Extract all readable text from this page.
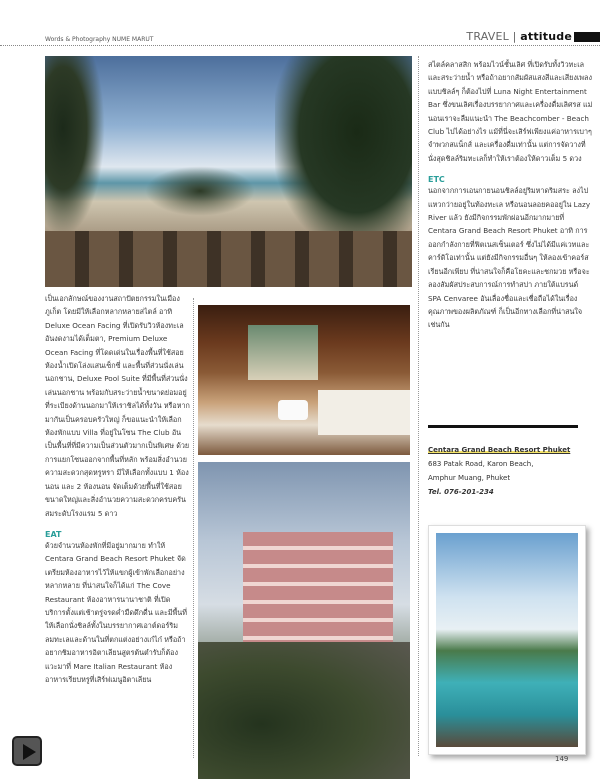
Words & Photography NUME MARUT	TRAVEL | attitude

เป็นเอกลักษณ์ของงานสถาปัตยกรรมในเมืองภูเก็ต โดยมีให้เลือกหลากหลายสไตล์ อาทิ Deluxe Ocean Facing ที่เปิดรับวิวห้องทะเลอันงดงามได้เต็มตา, Premium Deluxe Ocean Facing ที่โดดเด่นในเรื่องพื้นที่ใช้สอย ห้องน้ำเปิดโล่งแสนเซ็กซี่ และพื้นที่ส่วนนั่งเล่นนอกชาน, Deluxe Pool Suite ที่มีพื้นที่ส่วนนั่งเล่นนอกชาน พร้อมกับสระว่ายน้ำขนาดย่อมอยู่ที่ระเบียงด้านนอกมาให้เราชิลได้ทั้งวัน หรือหากมากันเป็นครอบครัวใหญ่ ก็ขอแนะนำให้เลือกห้องพักแบบ Villa ที่อยู่ในโซน The Club อันเป็นพื้นที่ที่มีความเป็นส่วนตัวมากเป็นพิเศษ ด้วยการแยกโซนออกจากพื้นที่หลัก พร้อมสิ่งอำนวยความสะดวกสุดหรูหรา มีให้เลือกทั้งแบบ 1 ห้องนอน และ 2 ห้องนอน จัดเต็มด้วยพื้นที่ใช้สอยขนาดใหญ่และสิ่งอำนวยความสะดวกครบครัน สมระดับโรงแรม 5 ดาว

EAT

ด้วยจำนวนห้องพักที่มีอยู่มากมาย ทำให้ Centara Grand Beach Resort Phuket จัดเตรียมห้องอาหารไว้ให้แขกผู้เข้าพักเลือกอย่างหลากหลาย ที่น่าสนใจก็ได้แก่ The Cove Restaurant ห้องอาหารนานาชาติ ที่เปิดบริการตั้งแต่เช้าตรู่จรดค่ำมืดดึกดื่น และมีพื้นที่ให้เลือกนั่งชิลล์ทั้งในบรรยากาศเอาต์ดอร์ริมลมทะเลและด้านในที่ตกแต่งอย่างเก๋ไก๋ หรือถ้าอยากชิมอาหารอิตาเลียนสูตรต้นตำรับก็ต้องแวะมาที่ Mare Italian Restaurant ห้องอาหารเรียบหรูที่เสิร์ฟเมนูอิตาเลียน

สไตล์คลาสสิก พร้อมไวน์ชั้นเลิศ ที่เปิดรับทั้งวิวทะเลและสระว่ายน้ำ หรือถ้าอยากสัมผัสแสงสีและเสียงเพลงแบบชิลล์ๆ ก็ต้องไปที่ Luna Night Entertainment Bar ซึ่งขนเลิศเรื่องบรรยากาศและเครื่องดื่มเลิศรส แม่นอนเราจะลืมแนะนำ The Beachcomber - Beach Club ไปได้อย่างไร แม้ที่นี่จะเสิร์ฟเพียงแค่อาหารเบาๆ จำพวกสแน็กส์ และเครื่องดื่มเท่านั้น แต่การจัดวางที่นั่งสุดชิลล์ริมทะเลก็ทำให้เราต้องให้ดาวเต็ม 5 ดวง

ETC

นอกจากการเอนกายนอนชิลล์อยู่ริมหาดริมสระ ลงไปแหวกว่ายอยู่ในท้องทะเล หรือนอนลอยคออยู่ใน Lazy River แล้ว ยังมีกิจกรรมพักผ่อนอีกมากมายที่ Centara Grand Beach Resort Phuket อาทิ การออกกำลังกายที่ฟิตเนสเซ็นเตอร์ ซึ่งไม่ได้มีแค่เวทและคาร์ดิโอเท่านั้น แต่ยังมีกิจกรรมอื่นๆ ให้ลองเข้าคอร์สเรียนอีกเพียบ ที่น่าสนใจก็คือโยคะและชกมวย หรือจะลองสัมผัสประสบการณ์การทำสปา ภายใต้แบรนด์ SPA Cenvaree อันเลื่องชื่อและเชื่อถือได้ในเรื่องคุณภาพของผลิตภัณฑ์ ก็เป็นอีกทางเลือกที่น่าสนใจเช่นกัน

Centara Grand Beach Resort Phuket
683 Patak Road, Karon Beach, Amphur Muang, Phuket
Tel. 076-201-234
149
